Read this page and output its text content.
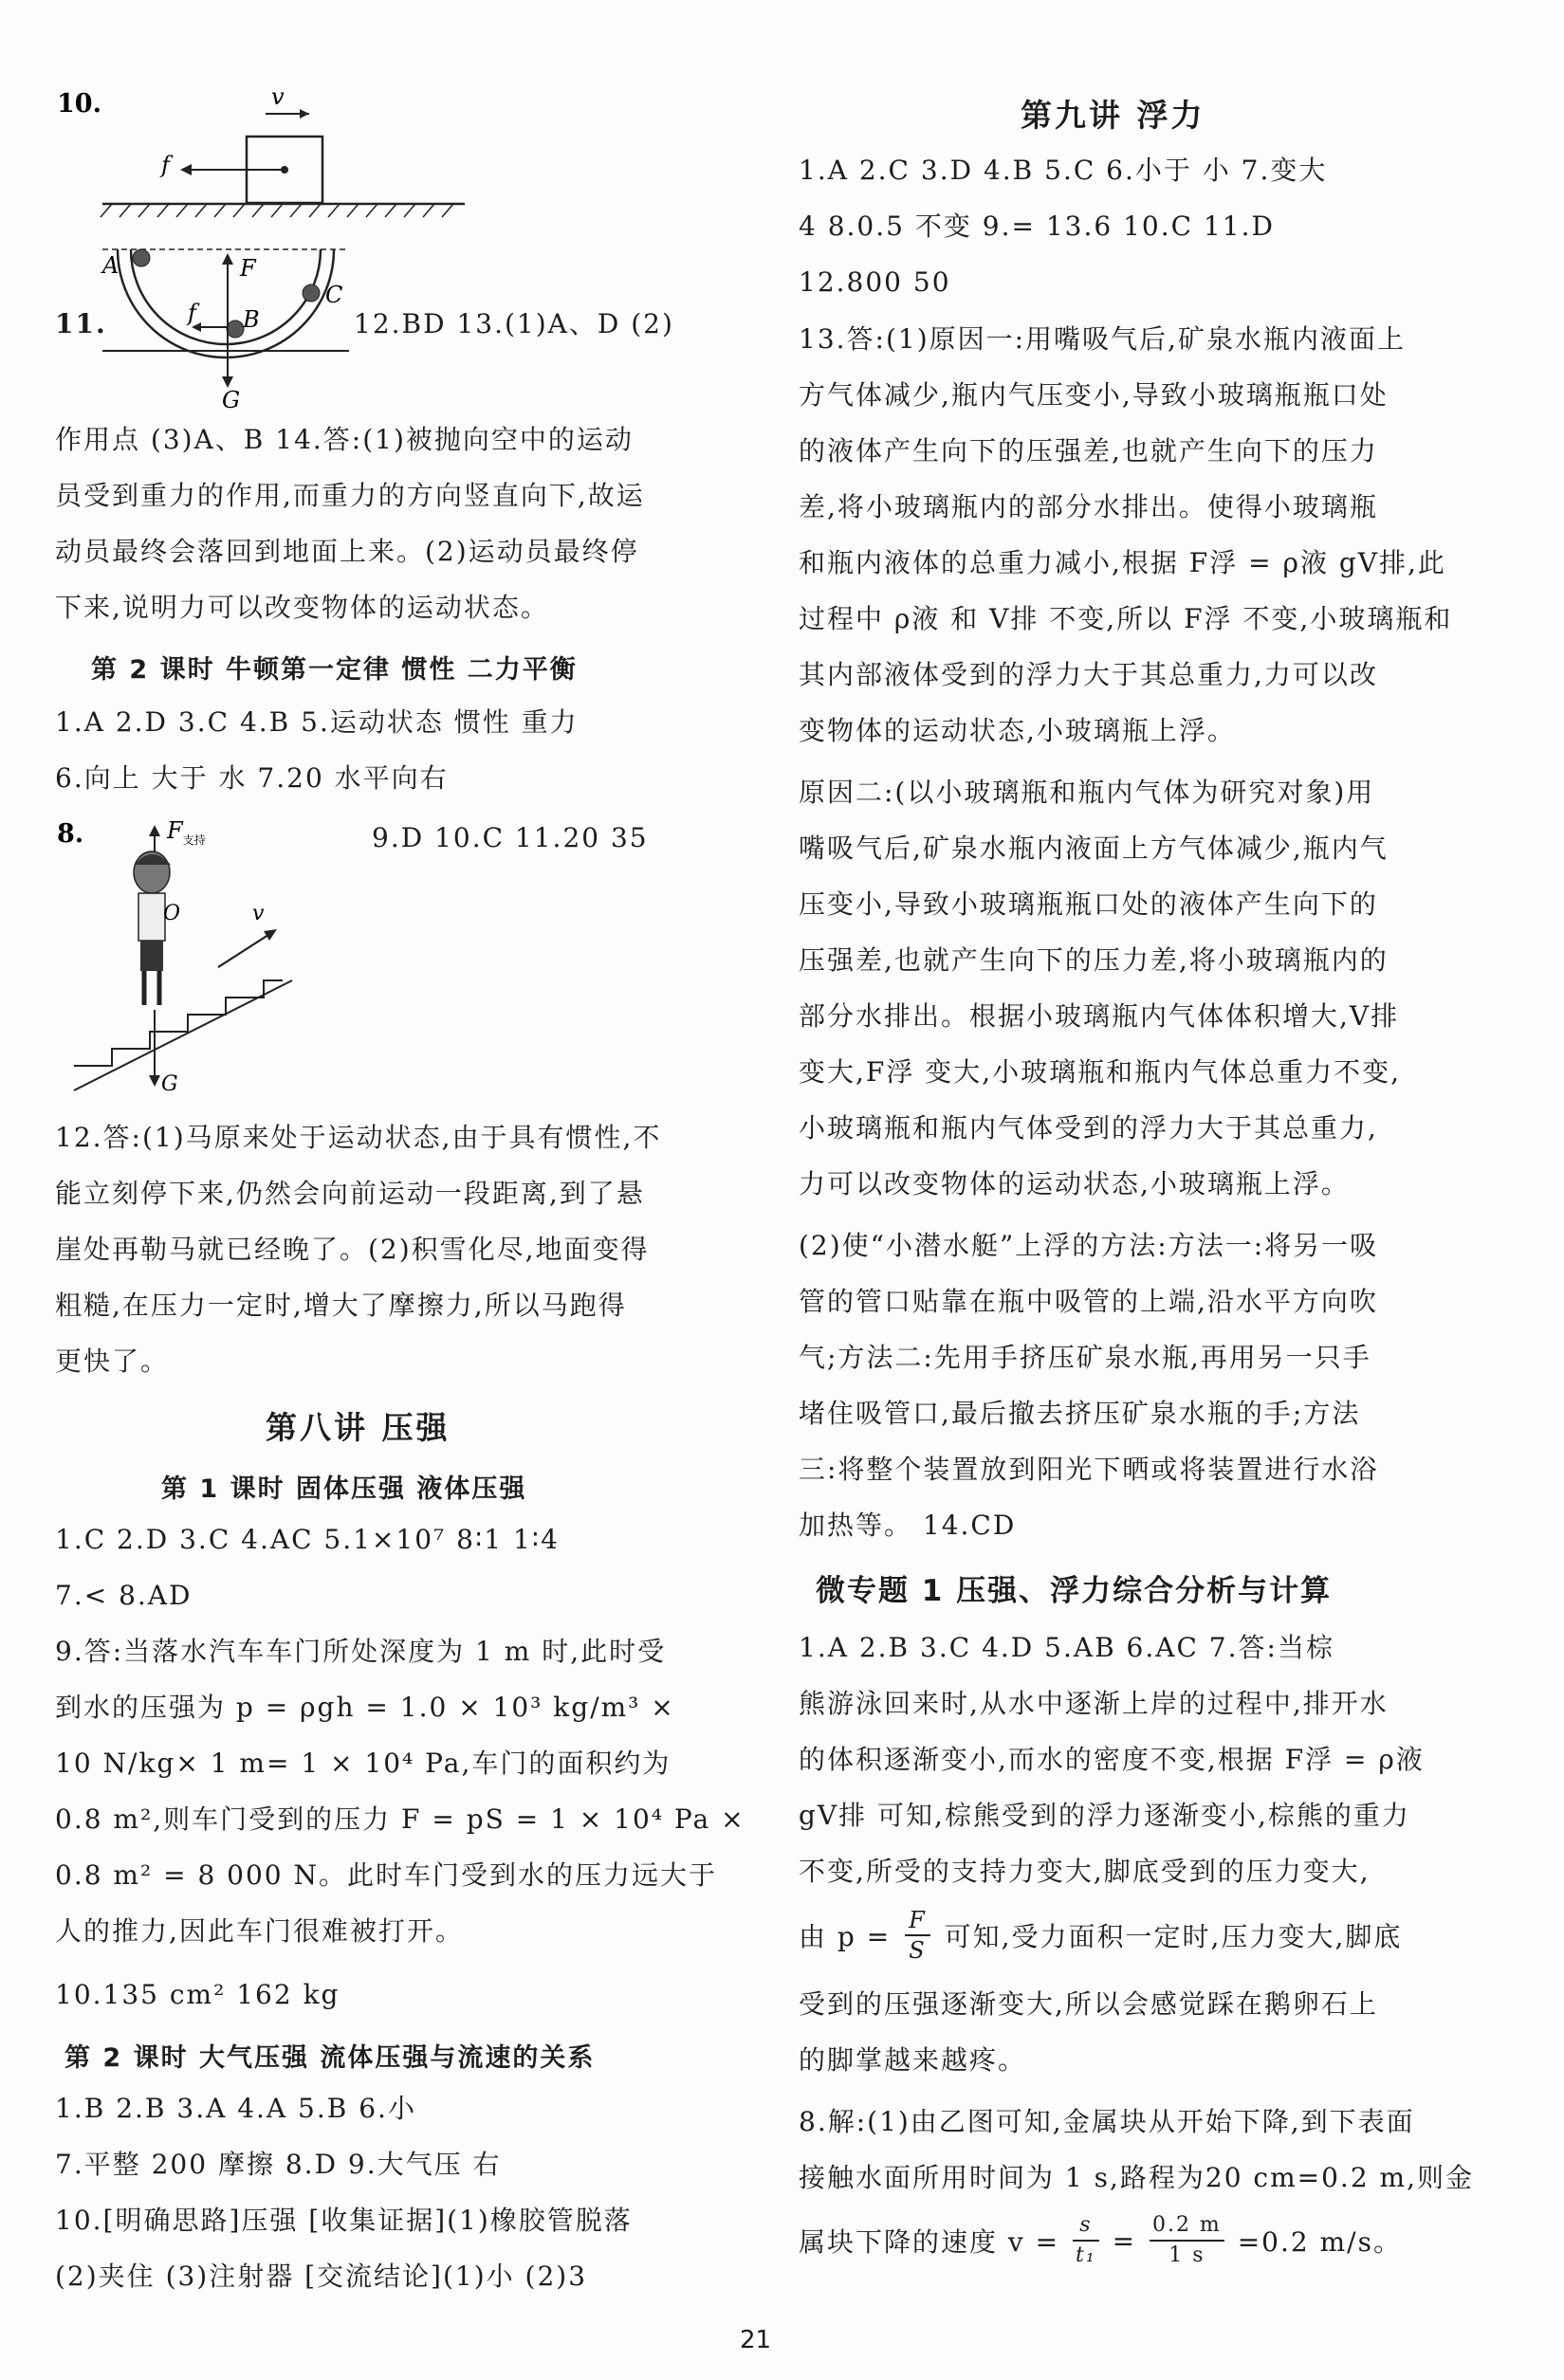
10.	v
f
A
C
B
F
f
G
11.	12.BD 13.(1)A、D (2)
作用点 (3)A、B 14.答:(1)被抛向空中的运动
员受到重力的作用,而重力的方向竖直向下,故运
动员最终会落回到地面上来。(2)运动员最终停
下来,说明力可以改变物体的运动状态。
第 2 课时 牛顿第一定律 惯性 二力平衡
1.A 2.D 3.C 4.B 5.运动状态 惯性 重力
6.向上 大于 水 7.20 水平向右
8.	$F_{支持}$
O	v
G
9.D 10.C 11.20 35
12.答:(1)马原来处于运动状态,由于具有惯性,不
能立刻停下来,仍然会向前运动一段距离,到了悬
崖处再勒马就已经晚了。(2)积雪化尽,地面变得
粗糙,在压力一定时,增大了摩擦力,所以马跑得
更快了。
第八讲 压强
第 1 课时 固体压强 液体压强
1.C 2.D 3.C 4.AC 5.1×10⁷ 8∶1 1∶4
7.< 8.AD
9.答:当落水汽车车门所处深度为 1 m 时,此时受
到水的压强为 p = ρgh = 1.0 × 10³ kg/m³ ×
10 N/kg× 1 m= 1 × 10⁴ Pa,车门的面积约为
0.8 m²,则车门受到的压力 F = pS = 1 × 10⁴ Pa ×
0.8 m² = 8 000 N。此时车门受到水的压力远大于
人的推力,因此车门很难被打开。
10.135 cm² 162 kg
第 2 课时 大气压强 流体压强与流速的关系
1.B 2.B 3.A 4.A 5.B 6.小
7.平整 200 摩擦 8.D 9.大气压 右
10.[明确思路]压强 [收集证据](1)橡胶管脱落
(2)夹住 (3)注射器 [交流结论](1)小 (2)3
第九讲 浮力
1.A 2.C 3.D 4.B 5.C 6.小于 小 7.变大
4 8.0.5 不变 9.= 13.6 10.C 11.D
12.800 50
13.答:(1)原因一:用嘴吸气后,矿泉水瓶内液面上
方气体减少,瓶内气压变小,导致小玻璃瓶瓶口处
的液体产生向下的压强差,也就产生向下的压力
差,将小玻璃瓶内的部分水排出。使得小玻璃瓶
和瓶内液体的总重力减小,根据 F浮 = ρ液 gV排,此
过程中 ρ液 和 V排 不变,所以 F浮 不变,小玻璃瓶和
其内部液体受到的浮力大于其总重力,力可以改
变物体的运动状态,小玻璃瓶上浮。
原因二:(以小玻璃瓶和瓶内气体为研究对象)用
嘴吸气后,矿泉水瓶内液面上方气体减少,瓶内气
压变小,导致小玻璃瓶瓶口处的液体产生向下的
压强差,也就产生向下的压力差,将小玻璃瓶内的
部分水排出。根据小玻璃瓶内气体体积增大,V排
变大,F浮 变大,小玻璃瓶和瓶内气体总重力不变,
小玻璃瓶和瓶内气体受到的浮力大于其总重力,
力可以改变物体的运动状态,小玻璃瓶上浮。
(2)使“小潜水艇”上浮的方法:方法一:将另一吸
管的管口贴靠在瓶中吸管的上端,沿水平方向吹
气;方法二:先用手挤压矿泉水瓶,再用另一只手
堵住吸管口,最后撤去挤压矿泉水瓶的手;方法
三:将整个装置放到阳光下晒或将装置进行水浴
加热等。 14.CD
微专题 1 压强、浮力综合分析与计算
1.A 2.B 3.C 4.D 5.AB 6.AC 7.答:当棕
熊游泳回来时,从水中逐渐上岸的过程中,排开水
的体积逐渐变小,而水的密度不变,根据 F浮 = ρ液
gV排 可知,棕熊受到的浮力逐渐变小,棕熊的重力
不变,所受的支持力变大,脚底受到的压力变大,
由 $p = \frac{F}{S}$ 可知,受力面积一定时,压力变大,脚底
受到的压强逐渐变大,所以会感觉踩在鹅卵石上
的脚掌越来越疼。
8.解:(1)由乙图可知,金属块从开始下降,到下表面
接触水面所用时间为 1 s,路程为20 cm=0.2 m,则金
属块下降的速度 $v = \frac{s}{\text{t₁}} = \frac{0.2 m}{1 s} =0.2$ m/s。
21
